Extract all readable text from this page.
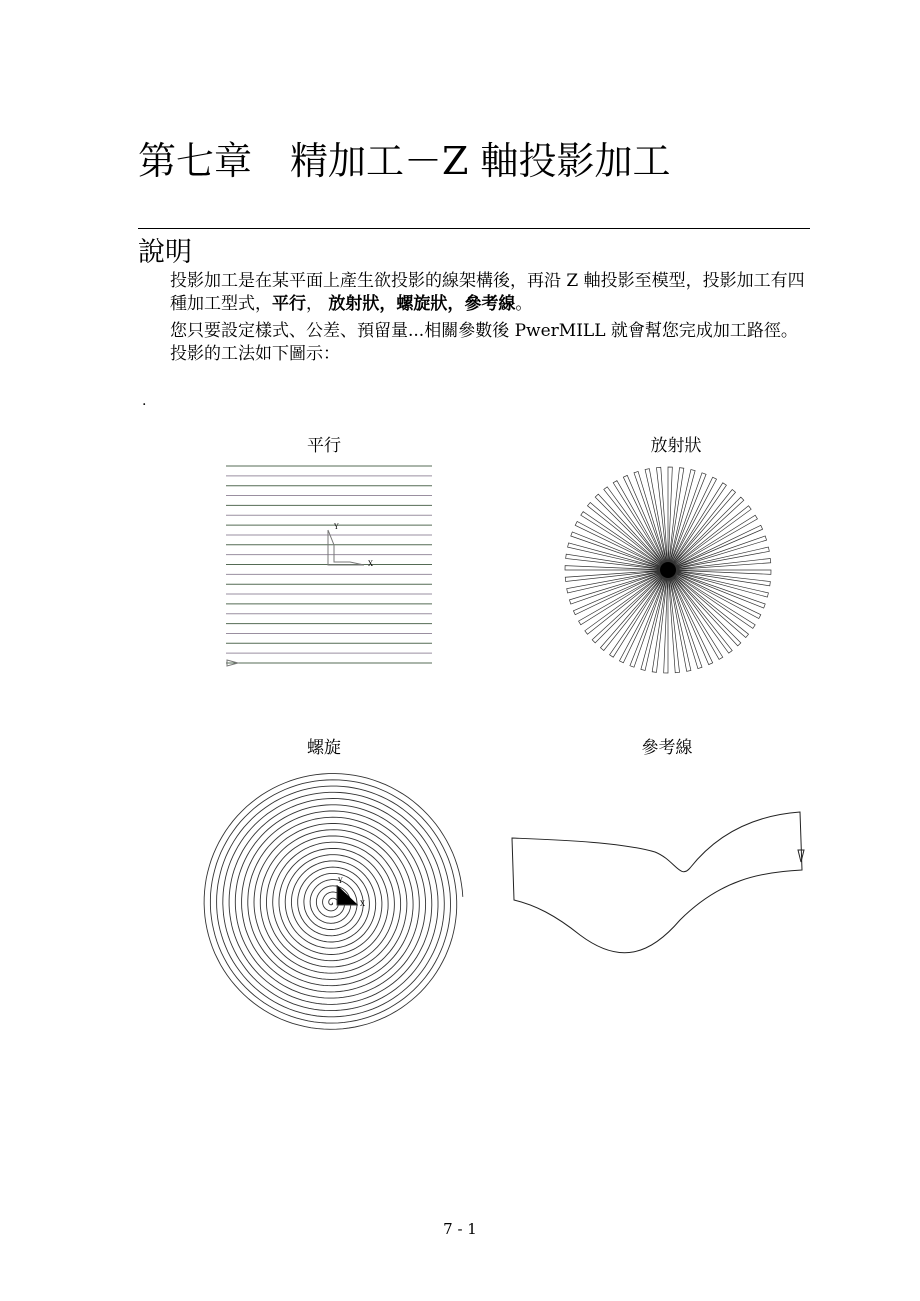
第七章　精加工－Z 軸投影加工
說明
投影加工是在某平面上產生欲投影的線架構後，再沿 Z 軸投影至模型，投影加工有四種加工型式，平行， 放射狀，螺旋狀，參考線。
您只要設定樣式、公差、預留量...相關參數後 PwerMILL 就會幫您完成加工路徑。投影的工法如下圖示：
.
平行	放射狀
螺旋	參考線
Y
X
Y
X
7 - 1
